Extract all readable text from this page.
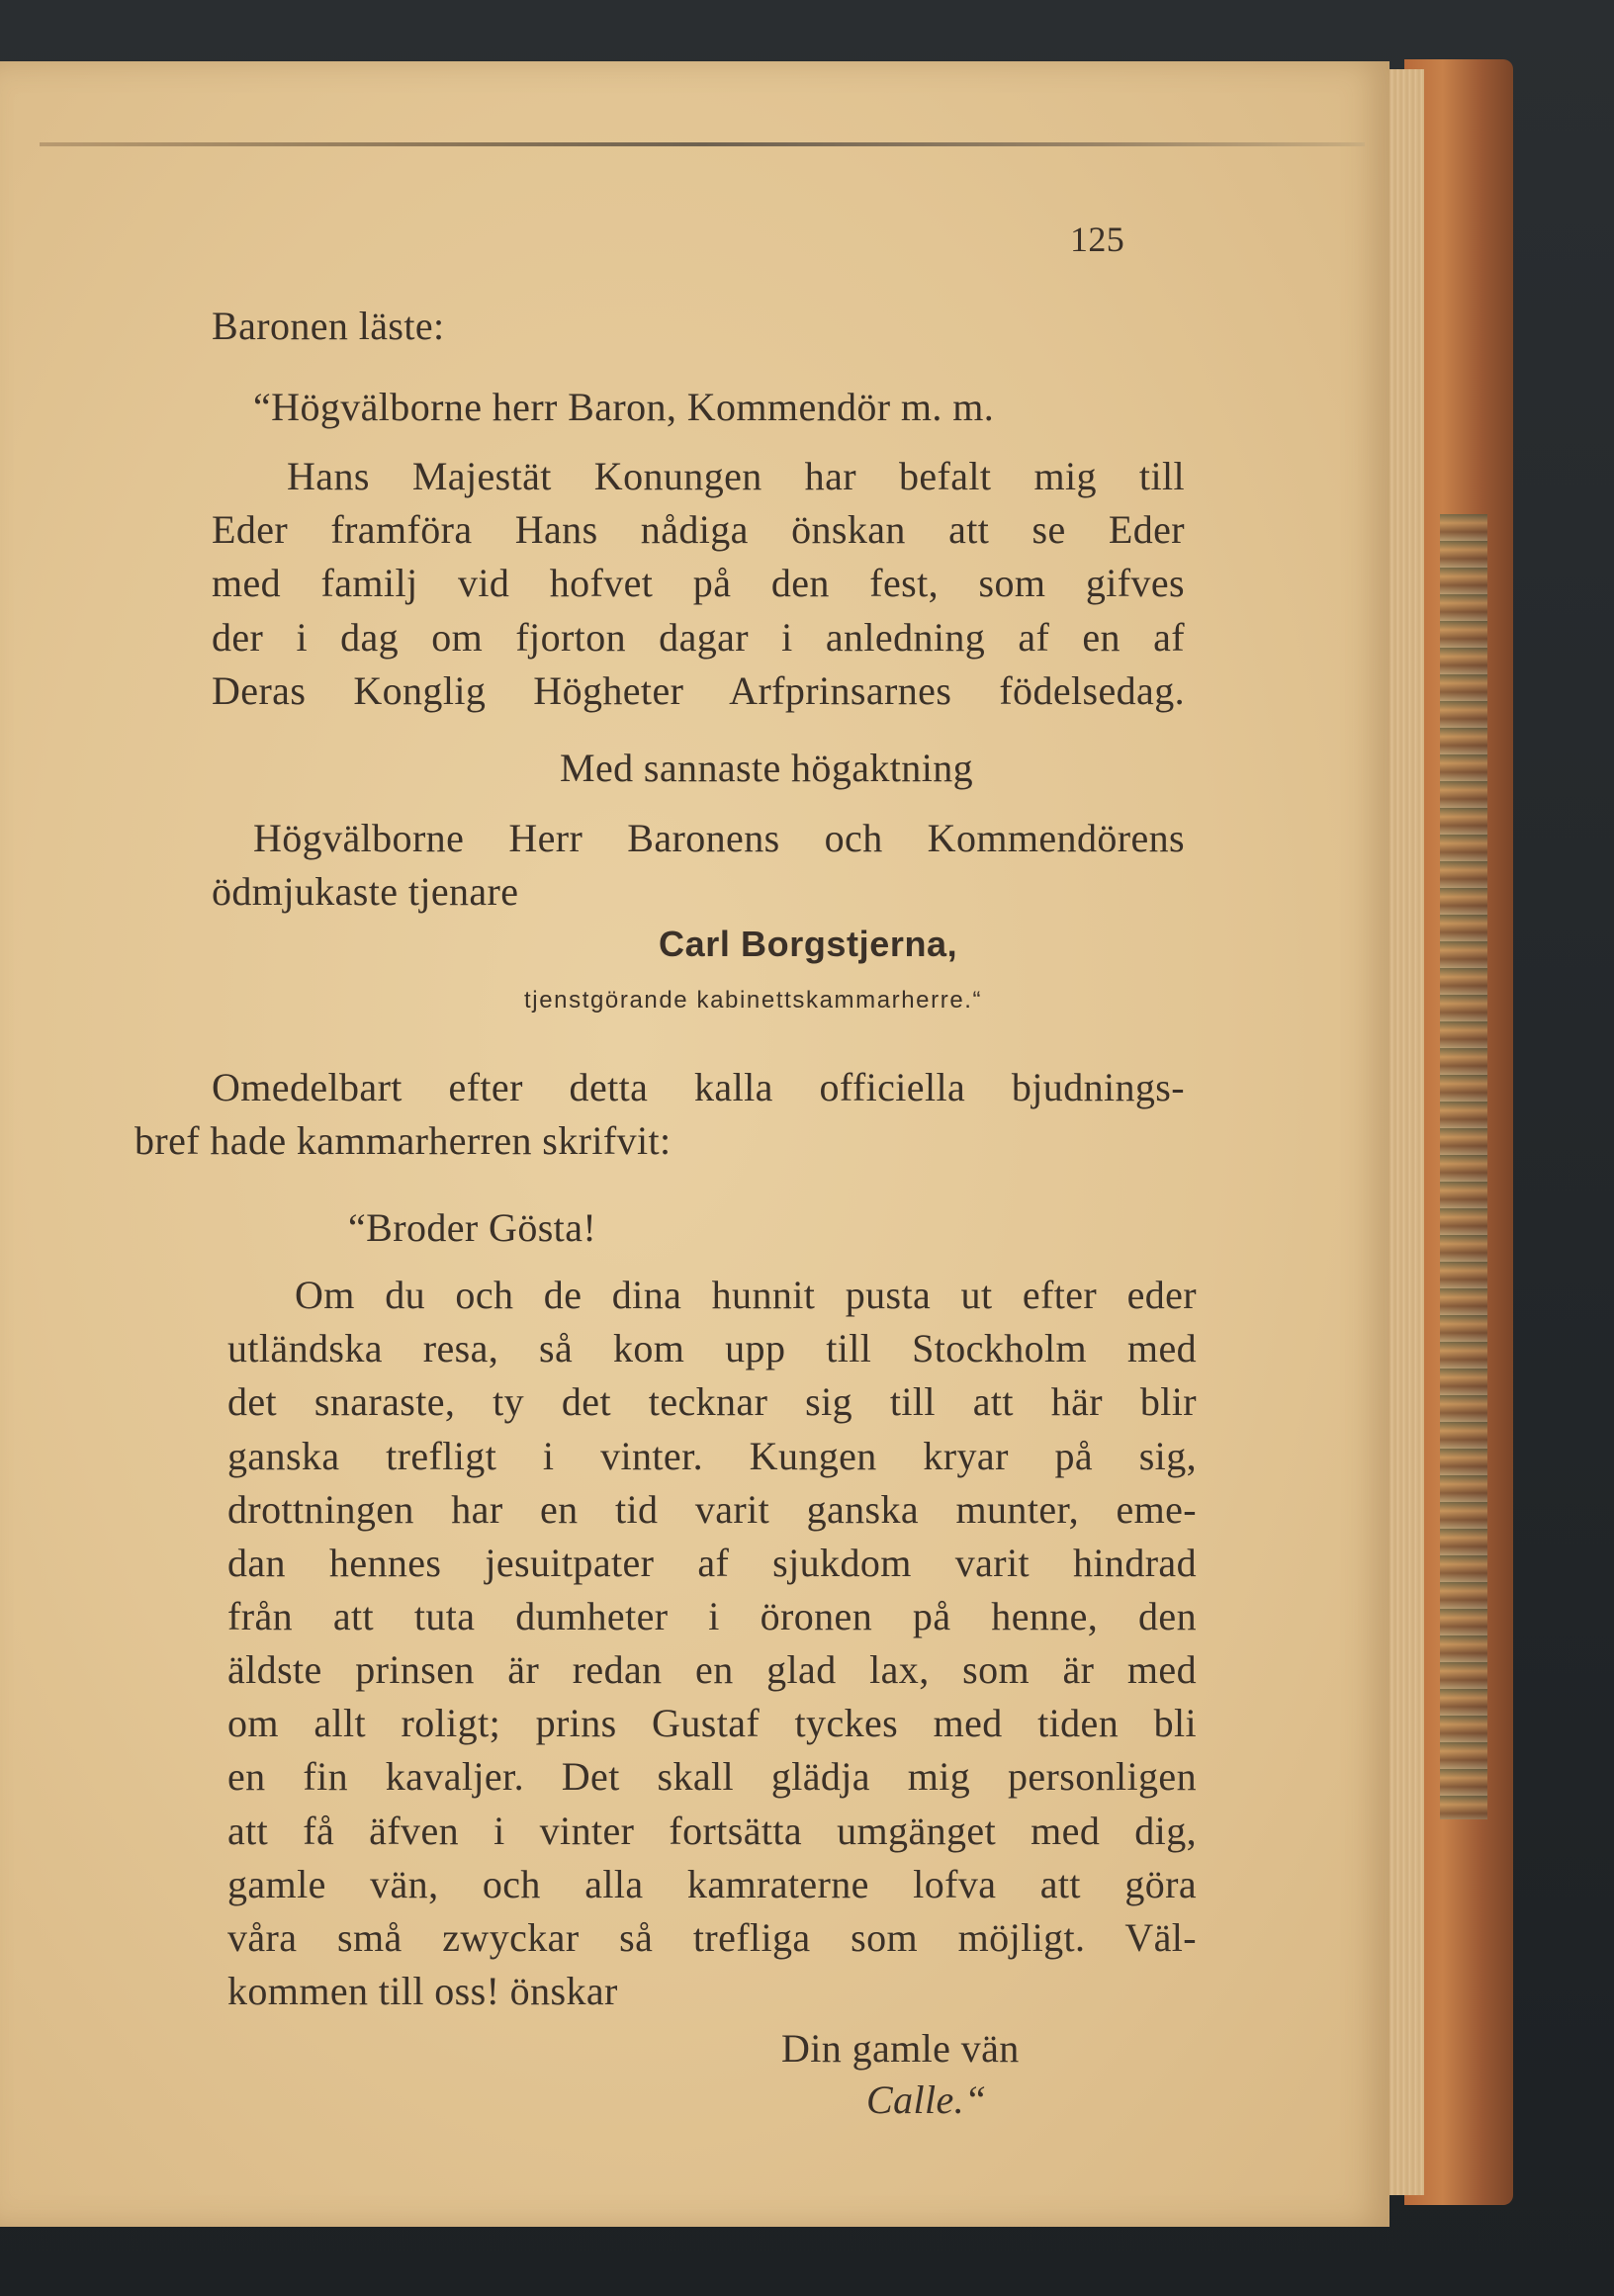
125
Baronen läste:
“Högvälborne herr Baron, Kommendör m. m.
Hans Majestät Konungen har befalt mig till
Eder framföra Hans nådiga önskan att se Eder
med familj vid hofvet på den fest, som gifves
der i dag om fjorton dagar i anledning af en af
Deras Konglig Högheter Arfprinsarnes födelsedag.
Med sannaste högaktning
Högvälborne Herr Baronens och Kommendörens
ödmjukaste tjenare
Carl Borgstjerna,
tjenstgörande kabinettskammarherre.“
Omedelbart efter detta kalla officiella bjudnings-
bref hade kammarherren skrifvit:
“Broder Gösta!
Om du och de dina hunnit pusta ut efter eder
utländska resa, så kom upp till Stockholm med
det snaraste, ty det tecknar sig till att här blir
ganska trefligt i vinter. Kungen kryar på sig,
drottningen har en tid varit ganska munter, eme-
dan hennes jesuitpater af sjukdom varit hindrad
från att tuta dumheter i öronen på henne, den
äldste prinsen är redan en glad lax, som är med
om allt roligt; prins Gustaf tyckes med tiden bli
en fin kavaljer. Det skall glädja mig personligen
att få äfven i vinter fortsätta umgänget med dig,
gamle vän, och alla kamraterne lofva att göra
våra små zwyckar så trefliga som möjligt. Väl-
kommen till oss! önskar
Din gamle vän
Calle.“
